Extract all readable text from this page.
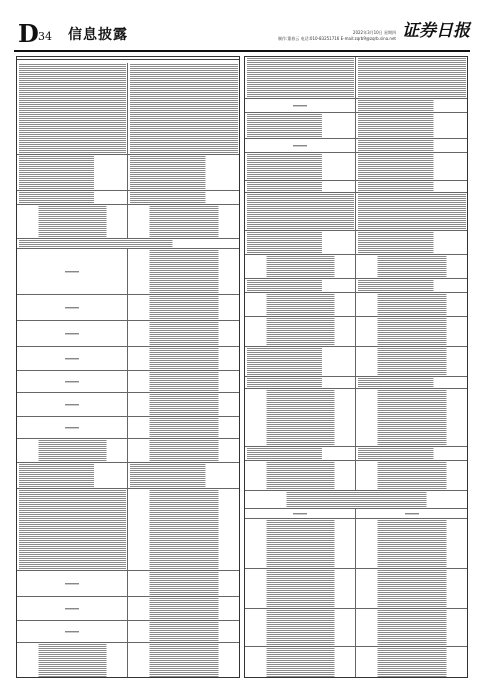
D 34 信息披露	2022年3月10日 星期四
制作:董春云 电话:010-83251716 E-mail:zqrb9@zqrb.sina.net 证券日报
